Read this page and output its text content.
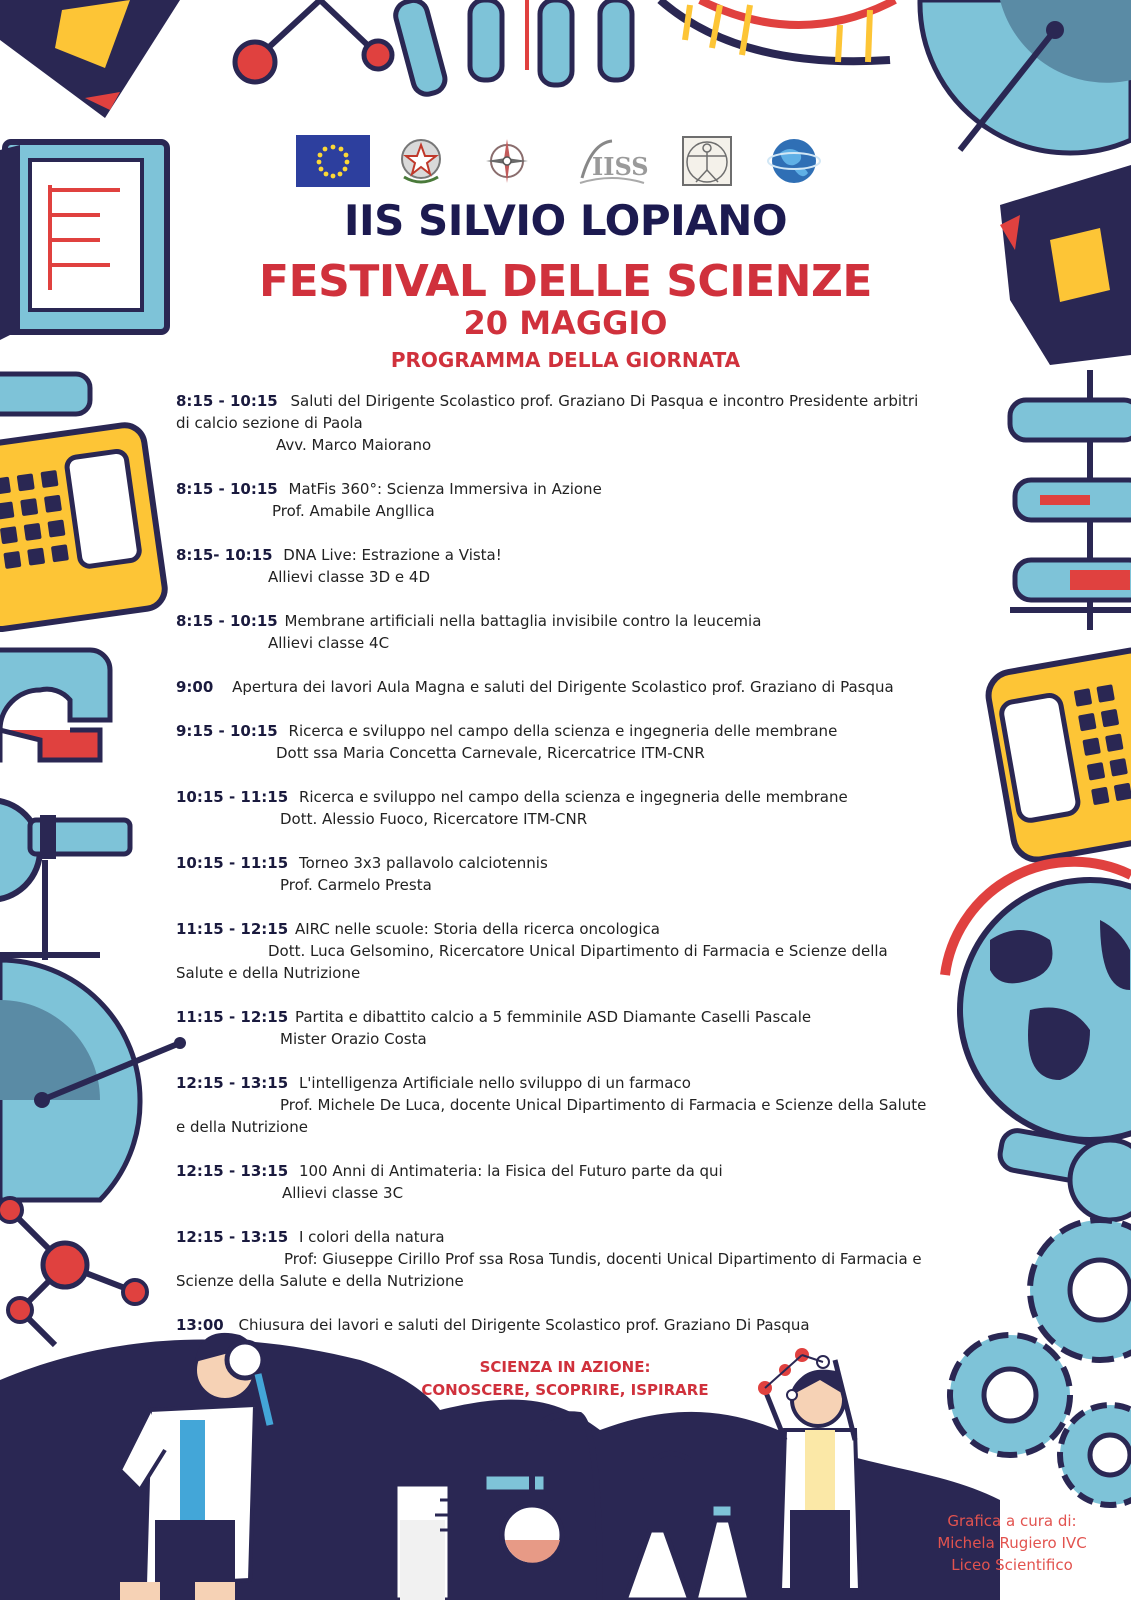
IISS
IIS SILVIO LOPIANO
FESTIVAL DELLE SCIENZE
20 MAGGIO
PROGRAMMA DELLA GIORNATA
8:15 - 10:15 Saluti del Dirigente Scolastico prof. Graziano Di Pasqua e incontro Presidente arbitri di calcio sezione di Paola
Avv. Marco Maiorano
8:15 - 10:15 MatFis 360°: Scienza Immersiva in Azione
Prof. Amabile Angllica
8:15- 10:15 DNA Live: Estrazione a Vista!
Allievi classe 3D e 4D
8:15 - 10:15 Membrane artificiali nella battaglia invisibile contro la leucemia
Allievi classe 4C
9:00 Apertura dei lavori Aula Magna e saluti del Dirigente Scolastico prof. Graziano di Pasqua
9:15 - 10:15 Ricerca e sviluppo nel campo della scienza e ingegneria delle membrane
Dott ssa Maria Concetta Carnevale, Ricercatrice ITM-CNR
10:15 - 11:15 Ricerca e sviluppo nel campo della scienza e ingegneria delle membrane
Dott. Alessio Fuoco, Ricercatore ITM-CNR
10:15 - 11:15 Torneo 3x3 pallavolo calciotennis
Prof. Carmelo Presta
11:15 - 12:15 AIRC nelle scuole: Storia della ricerca oncologica
Dott. Luca Gelsomino, Ricercatore Unical Dipartimento di Farmacia e Scienze della Salute e della Nutrizione
11:15 - 12:15 Partita e dibattito calcio a 5 femminile ASD Diamante Caselli Pascale
Mister Orazio Costa
12:15 - 13:15 L'intelligenza Artificiale nello sviluppo di un farmaco
Prof. Michele De Luca, docente Unical Dipartimento di Farmacia e Scienze della Salute e della Nutrizione
12:15 - 13:15 100 Anni di Antimateria: la Fisica del Futuro parte da qui
Allievi classe 3C
12:15 - 13:15 I colori della natura
Prof: Giuseppe Cirillo Prof ssa Rosa Tundis, docenti Unical Dipartimento di Farmacia e Scienze della Salute e della Nutrizione
13:00 Chiusura dei lavori e saluti del Dirigente Scolastico prof. Graziano Di Pasqua
SCIENZA IN AZIONE:
CONOSCERE, SCOPRIRE, ISPIRARE
Grafica a cura di:
Michela Rugiero IVC
Liceo Scientifico
